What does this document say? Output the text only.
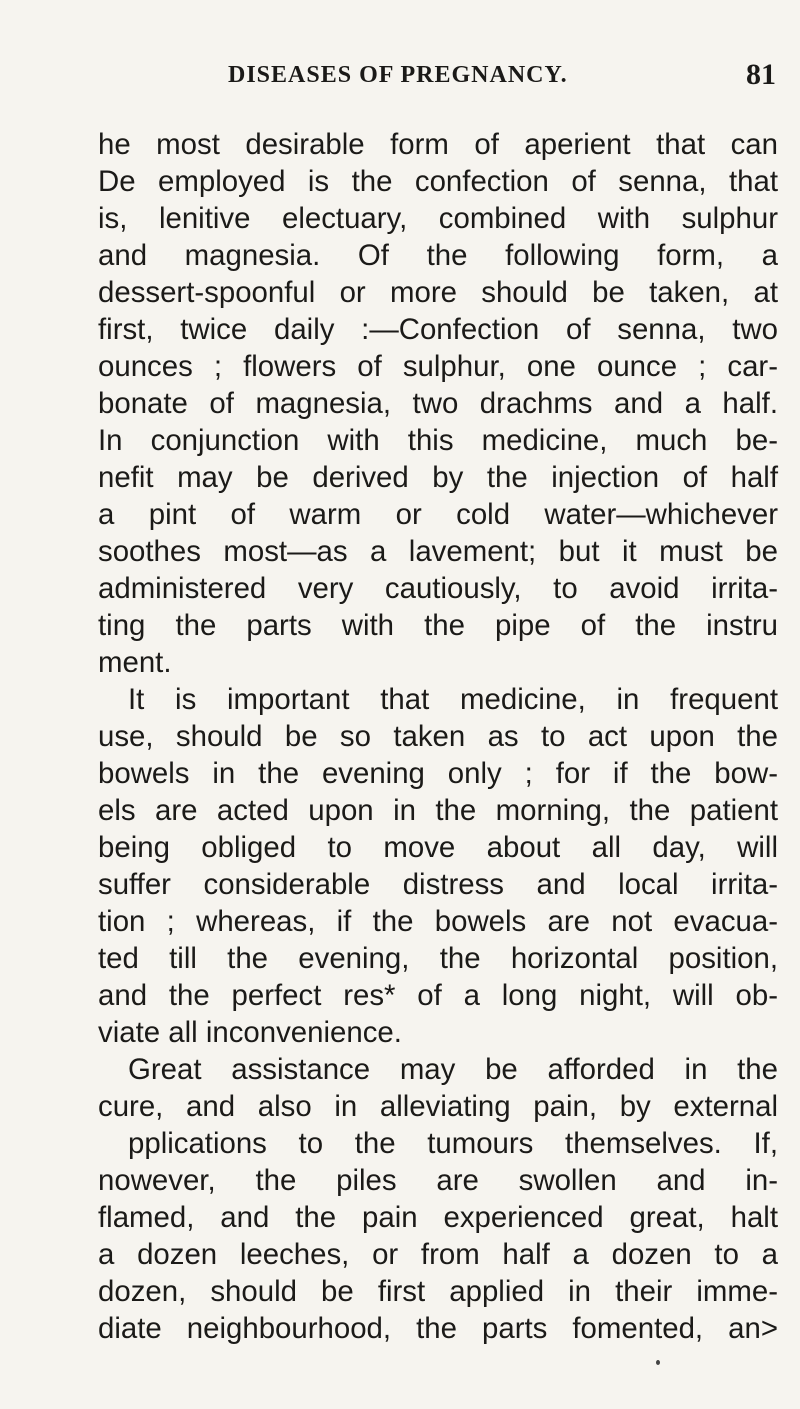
DISEASES OF PREGNANCY.	81
he most desirable form of aperient that can
De employed is the confection of senna, that
is, lenitive electuary, combined with sulphur
and magnesia. Of the following form, a
dessert-spoonful or more should be taken, at
first, twice daily :—Confection of senna, two
ounces ; flowers of sulphur, one ounce ; car-
bonate of magnesia, two drachms and a half.
In conjunction with this medicine, much be-
nefit may be derived by the injection of half
a pint of warm or cold water—whichever
soothes most—as a lavement; but it must be
administered very cautiously, to avoid irrita-
ting the parts with the pipe of the instru
ment.
It is important that medicine, in frequent
use, should be so taken as to act upon the
bowels in the evening only ; for if the bow-
els are acted upon in the morning, the patient
being obliged to move about all day, will
suffer considerable distress and local irrita-
tion ; whereas, if the bowels are not evacua-
ted till the evening, the horizontal position,
and the perfect res* of a long night, will ob-
viate all inconvenience.
Great assistance may be afforded in the
cure, and also in alleviating pain, by external
pplications to the tumours themselves. If,
nowever, the piles are swollen and in-
flamed, and the pain experienced great, halt
a dozen leeches, or from half a dozen to a
dozen, should be first applied in their imme-
diate neighbourhood, the parts fomented, an>
